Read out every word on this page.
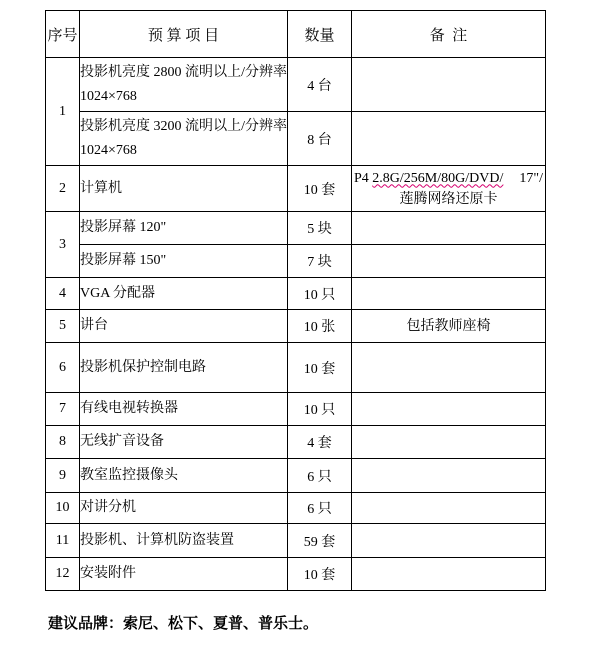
序号	预 算 项 目	数量	备  注
1	投影机亮度 2800 流明以上/分辨率 1024×768	4 台	
	投影机亮度 3200 流明以上/分辨率 1024×768	8 台	
2	计算机	10 套	P4 2.8G/256M/80G/DVD/ 17"/
莲腾网络还原卡

3	投影屏幕 120"	5 块	
	投影屏幕 150"	7 块	
4	VGA 分配器	10 只	
5	讲台	10 张	包括教师座椅
6	投影机保护控制电路	10 套	
7	有线电视转换器	10 只	
8	无线扩音设备	4 套	
9	教室监控摄像头	6 只	
10	对讲分机	6 只	
11	投影机、计算机防盗装置	59 套	
12	安装附件	10 套	
建议品牌：索尼、松下、夏普、普乐士。
